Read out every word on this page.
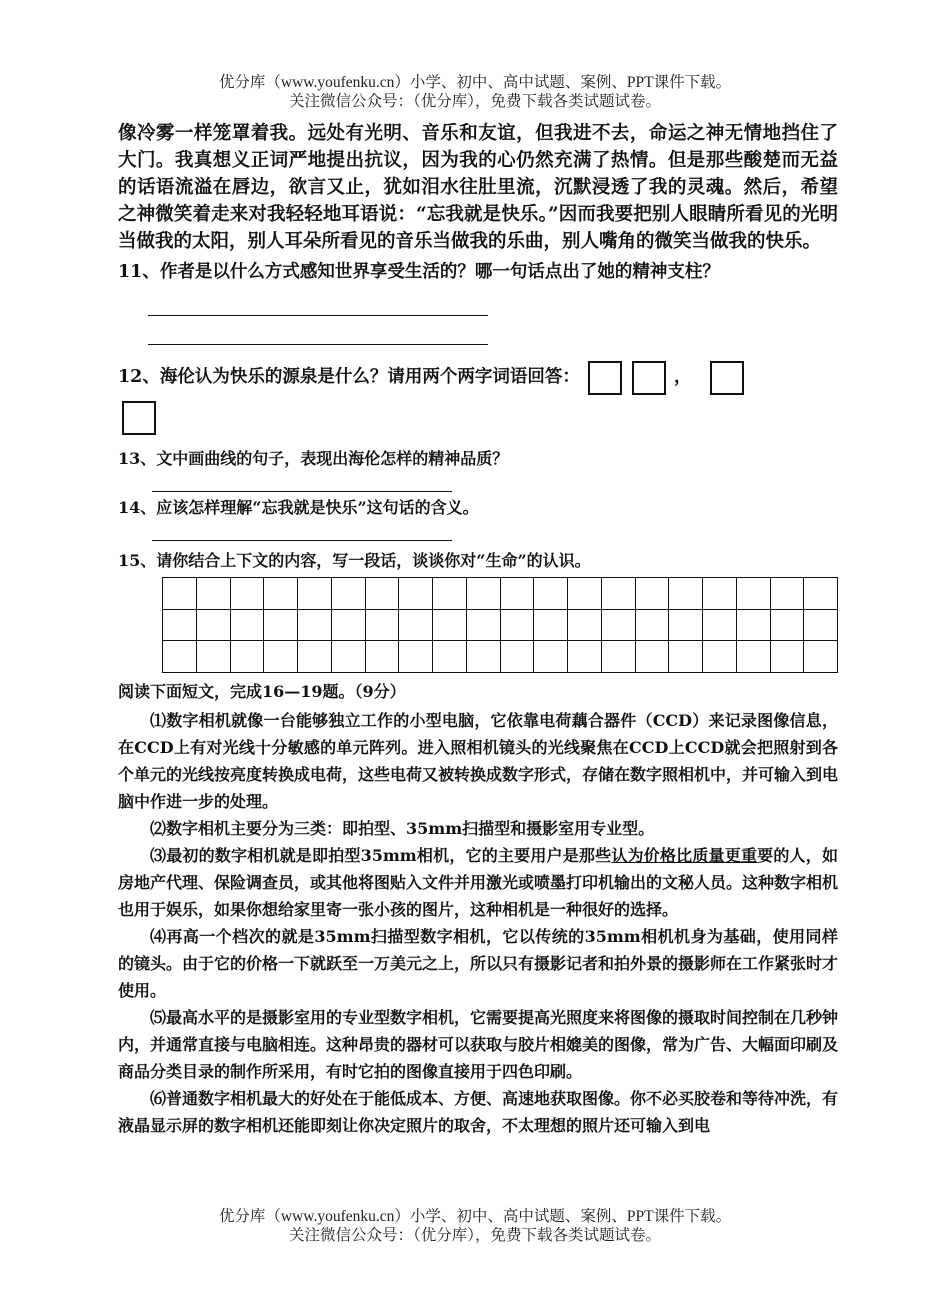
优分库（www.youfenku.cn）小学、初中、高中试题、案例、PPT课件下载。
关注微信公众号：（优分库），免费下载各类试题试卷。

像冷雾一样笼罩着我。远处有光明、音乐和友谊，但我进不去，命运之神无情地挡住了大门。我真想义正词严地提出抗议，因为我的心仍然充满了热情。但是那些酸楚而无益的话语流溢在唇边，欲言又止，犹如泪水往肚里流，沉默浸透了我的灵魂。然后，希望之神微笑着走来对我轻轻地耳语说：“忘我就是快乐。”因而我要把别人眼睛所看见的光明当做我的太阳，别人耳朵所看见的音乐当做我的乐曲，别人嘴角的微笑当做我的快乐。

11、作者是以什么方式感知世界享受生活的？哪一句话点出了她的精神支柱？

12、海伦认为快乐的源泉是什么？请用两个两字词语回答：	，

13、文中画曲线的句子，表现出海伦怎样的精神品质？

14、应该怎样理解“忘我就是快乐”这句话的含义。

15、请你结合上下文的内容，写一段话，谈谈你对“生命”的认识。

阅读下面短文，完成16—19题。（9分）

⑴数字相机就像一台能够独立工作的小型电脑，它依靠电荷藕合器件（CCD）来记录图像信息，在CCD上有对光线十分敏感的单元阵列。进入照相机镜头的光线聚焦在CCD上CCD就会把照射到各个单元的光线按亮度转换成电荷，这些电荷又被转换成数字形式，存储在数字照相机中，并可输入到电脑中作进一步的处理。

⑵数字相机主要分为三类：即拍型、35mm扫描型和摄影室用专业型。

⑶最初的数字相机就是即拍型35mm相机，它的主要用户是那些认为价格比质量更重要的人，如房地产代理、保险调查员，或其他将图贴入文件并用激光或喷墨打印机输出的文秘人员。这种数字相机也用于娱乐，如果你想给家里寄一张小孩的图片，这种相机是一种很好的选择。

⑷再高一个档次的就是35mm扫描型数字相机，它以传统的35mm相机机身为基础，使用同样的镜头。由于它的价格一下就跃至一万美元之上，所以只有摄影记者和拍外景的摄影师在工作紧张时才使用。

⑸最高水平的是摄影室用的专业型数字相机，它需要提高光照度来将图像的摄取时间控制在几秒钟内，并通常直接与电脑相连。这种昂贵的器材可以获取与胶片相媲美的图像，常为广告、大幅面印刷及商品分类目录的制作所采用，有时它拍的图像直接用于四色印刷。

⑹普通数字相机最大的好处在于能低成本、方便、高速地获取图像。你不必买胶卷和等待冲洗，有液晶显示屏的数字相机还能即刻让你决定照片的取舍，不太理想的照片还可输入到电

优分库（www.youfenku.cn）小学、初中、高中试题、案例、PPT课件下载。
关注微信公众号：（优分库），免费下载各类试题试卷。
